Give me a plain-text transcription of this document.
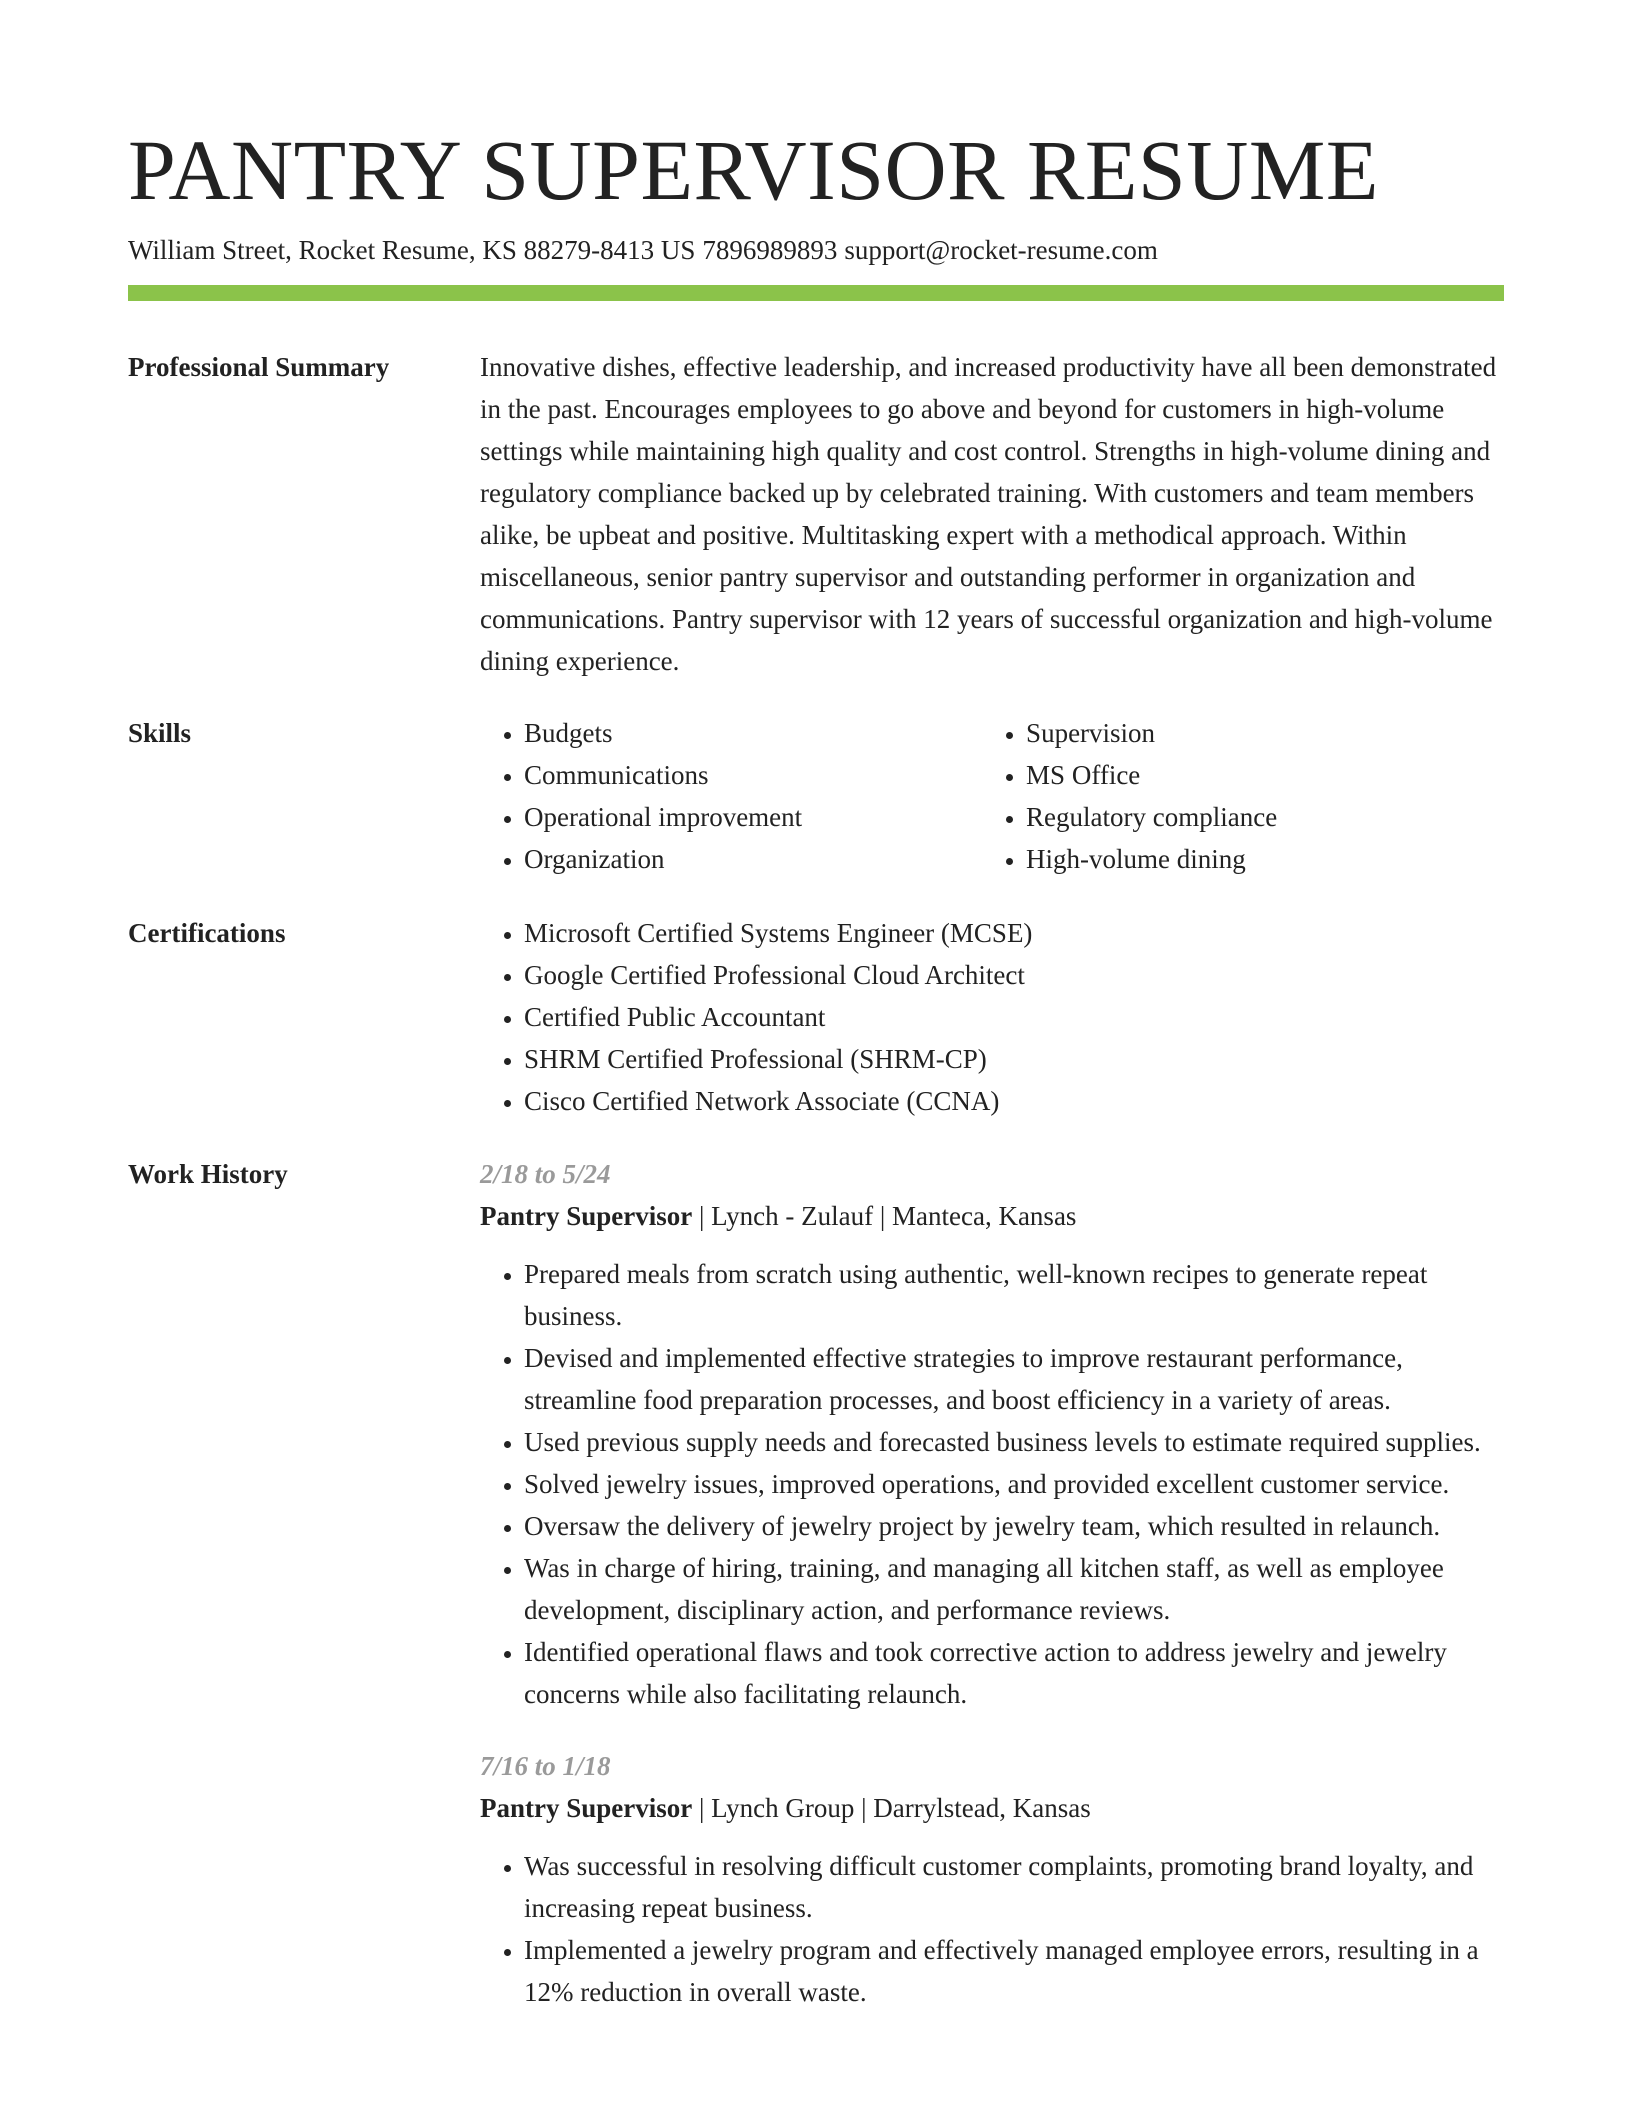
PANTRY SUPERVISOR RESUME
William Street, Rocket Resume, KS 88279-8413 US 7896989893 support@rocket-resume.com
Professional Summary	Innovative dishes, effective leadership, and increased productivity have all been demonstrated in the past. Encourages employees to go above and beyond for customers in high-volume settings while maintaining high quality and cost control. Strengths in high-volume dining and regulatory compliance backed up by celebrated training. With customers and team members alike, be upbeat and positive. Multitasking expert with a methodical approach. Within miscellaneous, senior pantry supervisor and outstanding performer in organization and communications. Pantry supervisor with 12 years of successful organization and high-volume dining experience.

Skills	• Budgets
• Communications
• Operational improvement
• Organization
• Supervision
• MS Office
• Regulatory compliance
• High-volume dining
Certifications	• Microsoft Certified Systems Engineer (MCSE)
• Google Certified Professional Cloud Architect
• Certified Public Accountant
• SHRM Certified Professional (SHRM-CP)
• Cisco Certified Network Associate (CCNA)
Work History	2/18 to 5/24
Pantry Supervisor | Lynch - Zulauf | Manteca, Kansas
• Prepared meals from scratch using authentic, well-known recipes to generate repeat business.
• Devised and implemented effective strategies to improve restaurant performance, streamline food preparation processes, and boost efficiency in a variety of areas.
• Used previous supply needs and forecasted business levels to estimate required supplies.
• Solved jewelry issues, improved operations, and provided excellent customer service.
• Oversaw the delivery of jewelry project by jewelry team, which resulted in relaunch.
• Was in charge of hiring, training, and managing all kitchen staff, as well as employee development, disciplinary action, and performance reviews.
• Identified operational flaws and took corrective action to address jewelry and jewelry concerns while also facilitating relaunch.
7/16 to 1/18
Pantry Supervisor | Lynch Group | Darrylstead, Kansas
• Was successful in resolving difficult customer complaints, promoting brand loyalty, and increasing repeat business.
• Implemented a jewelry program and effectively managed employee errors, resulting in a 12% reduction in overall waste.
